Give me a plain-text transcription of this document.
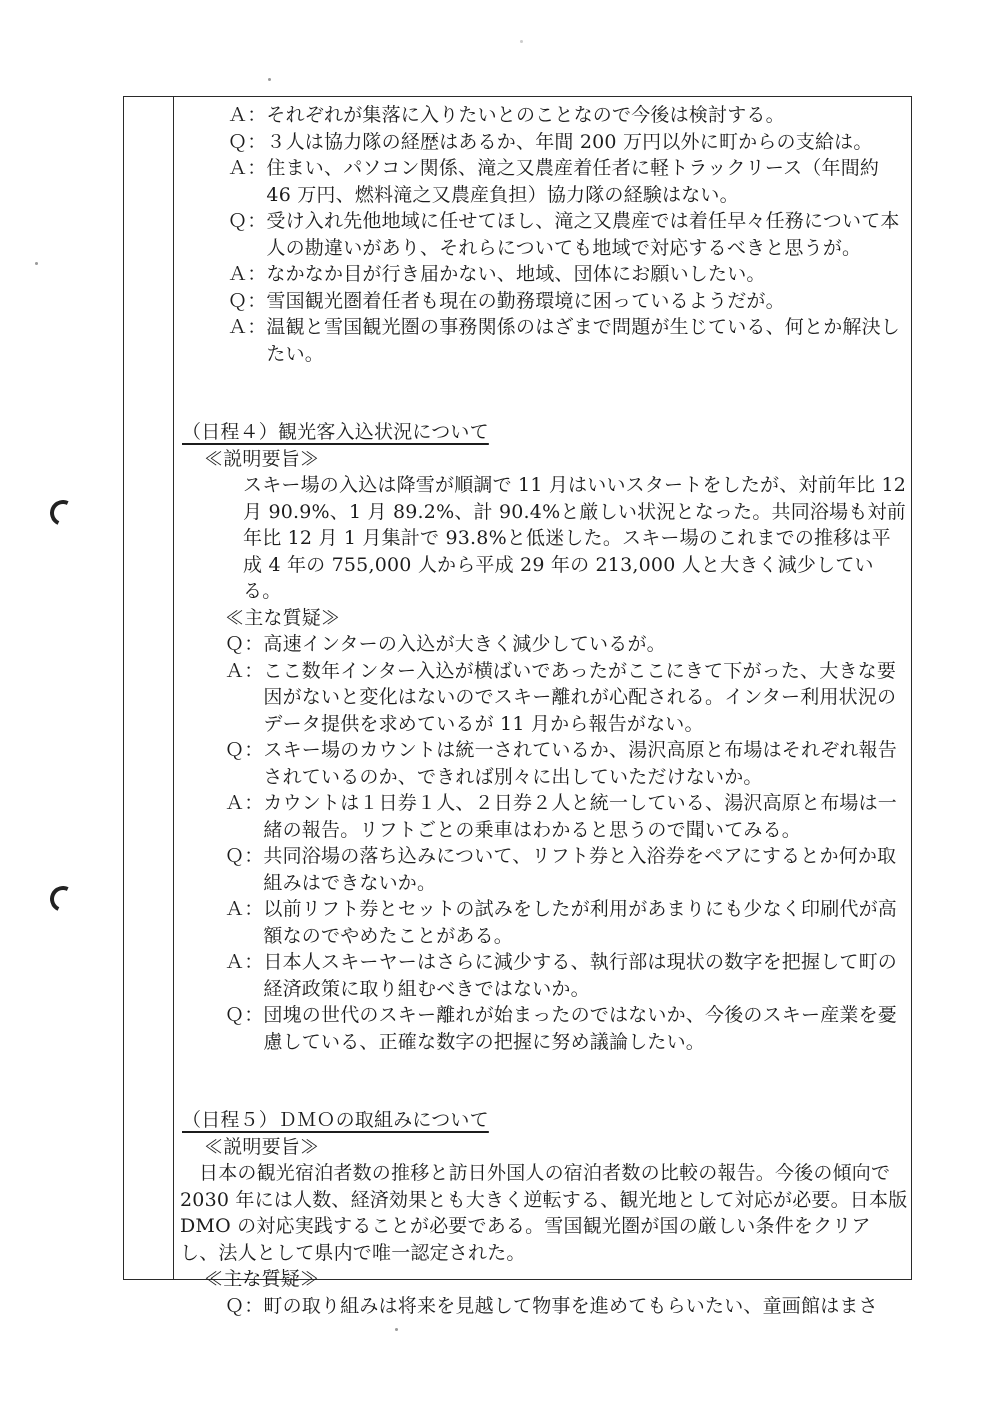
Ａ： それぞれが集落に入りたいとのことなので今後は検討する。
Ｑ： ３人は協力隊の経歴はあるか、年間 200 万円以外に町からの支給は。
Ａ： 住まい、パソコン関係、滝之又農産着任者に軽トラックリース（年間約 46 万円、燃料滝之又農産負担）協力隊の経験はない。
Ｑ： 受け入れ先他地域に任せてほし、滝之又農産では着任早々任務について本人の勘違いがあり、それらについても地域で対応するべきと思うが。
Ａ： なかなか目が行き届かない、地域、団体にお願いしたい。
Ｑ： 雪国観光圏着任者も現在の勤務環境に困っているようだが。
Ａ： 温観と雪国観光圏の事務関係のはざまで問題が生じている、何とか解決したい。
（日程４）観光客入込状況について
≪説明要旨≫
スキー場の入込は降雪が順調で 11 月はいいスタートをしたが、対前年比 12 月 90.9%、1 月 89.2%、計 90.4%と厳しい状況となった。共同浴場も対前年比 12 月 1 月集計で 93.8%と低迷した。スキー場のこれまでの推移は平成 4 年の 755,000 人から平成 29 年の 213,000 人と大きく減少している。
≪主な質疑≫
Ｑ： 高速インターの入込が大きく減少しているが。
Ａ： ここ数年インター入込が横ばいであったがここにきて下がった、大きな要因がないと変化はないのでスキー離れが心配される。インター利用状況のデータ提供を求めているが 11 月から報告がない。
Ｑ： スキー場のカウントは統一されているか、湯沢高原と布場はそれぞれ報告されているのか、できれば別々に出していただけないか。
Ａ： カウントは１日券１人、２日券２人と統一している、湯沢高原と布場は一緒の報告。リフトごとの乗車はわかると思うので聞いてみる。
Ｑ： 共同浴場の落ち込みについて、リフト券と入浴券をペアにするとか何か取組みはできないか。
Ａ： 以前リフト券とセットの試みをしたが利用があまりにも少なく印刷代が高額なのでやめたことがある。
Ａ： 日本人スキーヤーはさらに減少する、執行部は現状の数字を把握して町の経済政策に取り組むべきではないか。
Ｑ： 団塊の世代のスキー離れが始まったのではないか、今後のスキー産業を憂慮している、正確な数字の把握に努め議論したい。
（日程５）ＤＭＯの取組みについて
≪説明要旨≫
日本の観光宿泊者数の推移と訪日外国人の宿泊者数の比較の報告。今後の傾向で 2030 年には人数、経済効果とも大きく逆転する、観光地として対応が必要。日本版 DMO の対応実践することが必要である。雪国観光圏が国の厳しい条件をクリアし、法人として県内で唯一認定された。
≪主な質疑≫
Ｑ： 町の取り組みは将来を見越して物事を進めてもらいたい、童画館はまさ
